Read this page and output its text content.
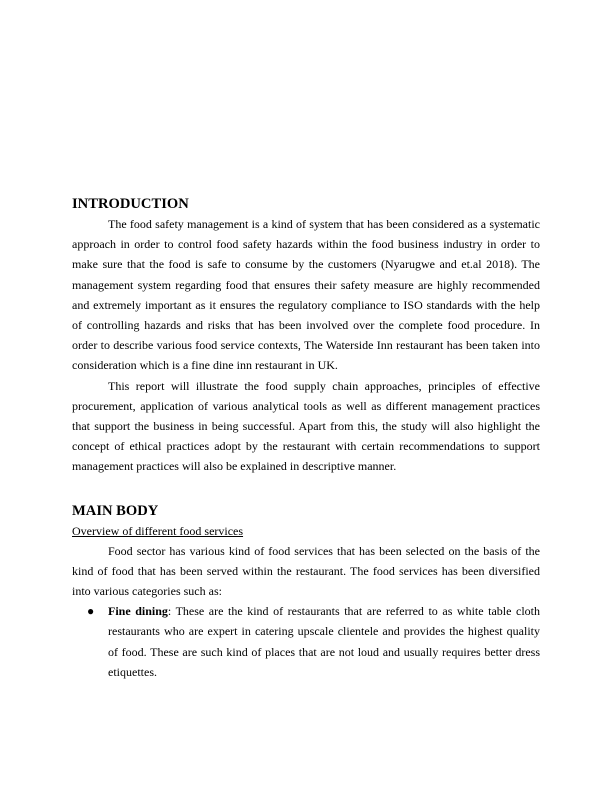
INTRODUCTION

The food safety management is a kind of system that has been considered as a systematic approach in order to control food safety hazards within the food business industry in order to make sure that the food is safe to consume by the customers (Nyarugwe and et.al 2018). The management system regarding food that ensures their safety measure are highly recommended and extremely important as it ensures the regulatory compliance to ISO standards with the help of controlling hazards and risks that has been involved over the complete food procedure. In order to describe various food service contexts, The Waterside Inn restaurant has been taken into consideration which is a fine dine inn restaurant in UK.

This report will illustrate the food supply chain approaches, principles of effective procurement, application of various analytical tools as well as different management practices that support the business in being successful. Apart from this, the study will also highlight the concept of ethical practices adopt by the restaurant with certain recommendations to support management practices will also be explained in descriptive manner.

MAIN BODY
Overview of different food services

Food sector has various kind of food services that has been selected on the basis of the kind of food that has been served within the restaurant. The food services has been diversified into various categories such as:

● Fine dining: These are the kind of restaurants that are referred to as white table cloth restaurants who are expert in catering upscale clientele and provides the highest quality of food. These are such kind of places that are not loud and usually requires better dress etiquettes.
